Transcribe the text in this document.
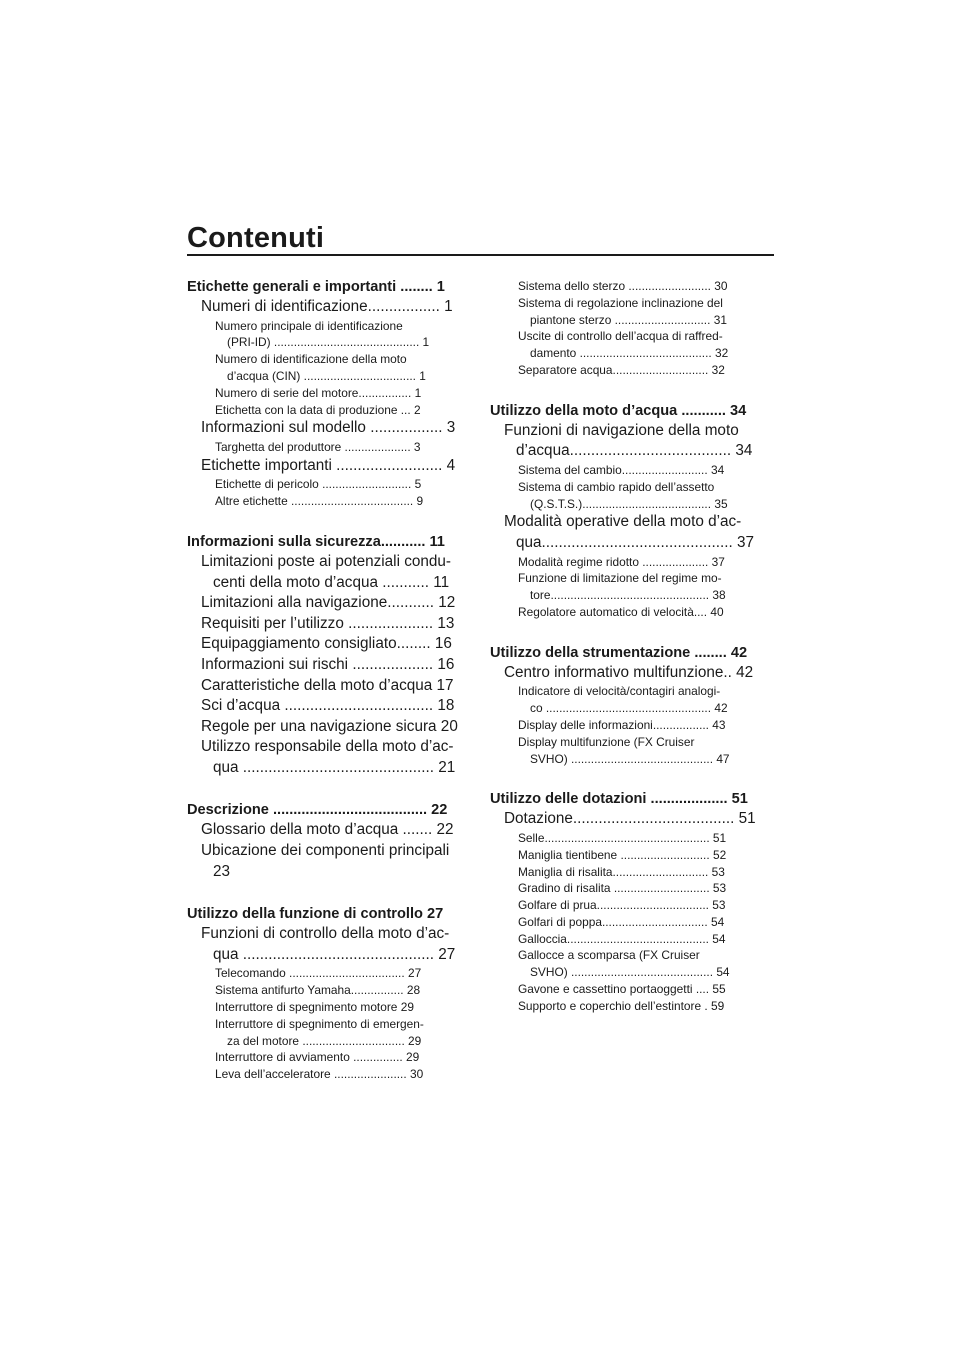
Contenuti
Etichette generali e importanti ........ 1
Numeri di identificazione................. 1
Numero principale di identificazione
(PRI-ID) ............................................ 1
Numero di identificazione della moto
d’acqua (CIN) .................................. 1
Numero di serie del motore................ 1
Etichetta con la data di produzione ... 2
Informazioni sul modello ................. 3
Targhetta del produttore .................... 3
Etichette importanti ......................... 4
Etichette di pericolo ........................... 5
Altre etichette ..................................... 9
Informazioni sulla sicurezza........... 11
Limitazioni poste ai potenziali condu-
centi della moto d’acqua ........... 11
Limitazioni alla navigazione........... 12
Requisiti per l’utilizzo .................... 13
Equipaggiamento consigliato........ 16
Informazioni sui rischi ................... 16
Caratteristiche della moto d’acqua 17
Sci d’acqua ................................... 18
Regole per una navigazione sicura 20
Utilizzo responsabile della moto d’ac-
qua ............................................. 21
Descrizione ...................................... 22
Glossario della moto d’acqua ....... 22
Ubicazione dei componenti principali
23
Utilizzo della funzione di controllo 27
Funzioni di controllo della moto d’ac-
qua ............................................. 27
Telecomando ................................... 27
Sistema antifurto Yamaha................ 28
Interruttore di spegnimento motore 29
Interruttore di spegnimento di emergen-
za del motore ............................... 29
Interruttore di avviamento ............... 29
Leva dell’acceleratore ...................... 30
Sistema dello sterzo ......................... 30
Sistema di regolazione inclinazione del
piantone sterzo ............................. 31
Uscite di controllo dell’acqua di raffred-
damento ........................................ 32
Separatore acqua............................. 32
Utilizzo della moto d’acqua ........... 34
Funzioni di navigazione della moto
d’acqua...................................... 34
Sistema del cambio.......................... 34
Sistema di cambio rapido dell’assetto
(Q.S.T.S.)....................................... 35
Modalità operative della moto d’ac-
qua............................................. 37
Modalità regime ridotto .................... 37
Funzione di limitazione del regime mo-
tore................................................ 38
Regolatore automatico di velocità.... 40
Utilizzo della strumentazione ........ 42
Centro informativo multifunzione.. 42
Indicatore di velocità/contagiri analogi-
co .................................................. 42
Display delle informazioni................. 43
Display multifunzione (FX Cruiser
SVHO) ........................................... 47
Utilizzo delle dotazioni ................... 51
Dotazione...................................... 51
Selle.................................................. 51
Maniglia tientibene ........................... 52
Maniglia di risalita............................. 53
Gradino di risalita ............................. 53
Golfare di prua.................................. 53
Golfari di poppa................................ 54
Galloccia........................................... 54
Gallocce a scomparsa (FX Cruiser
SVHO) ........................................... 54
Gavone e cassettino portaoggetti .... 55
Supporto e coperchio dell’estintore . 59
